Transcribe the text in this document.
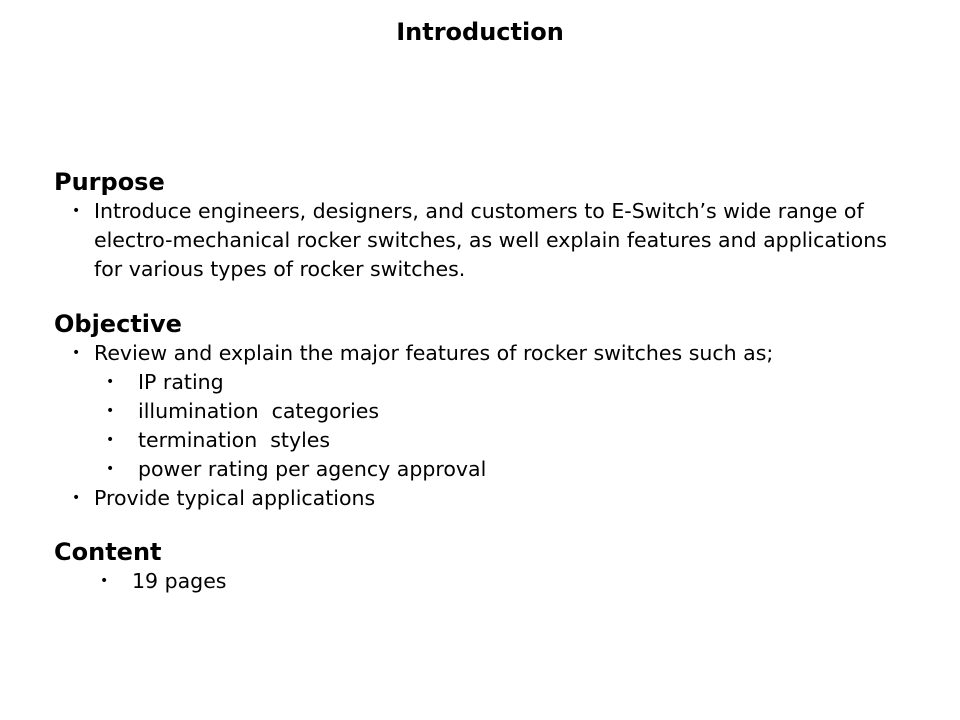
Introduction
Purpose
• Introduce engineers, designers, and customers to E-Switch’s wide range of electro-mechanical rocker switches, as well explain features and applications for various types of rocker switches.
Objective
• Review and explain the major features of rocker switches such as;
• IP rating
• illumination  categories
• termination  styles
• power rating per agency approval
• Provide typical applications
Content
• 19 pages
